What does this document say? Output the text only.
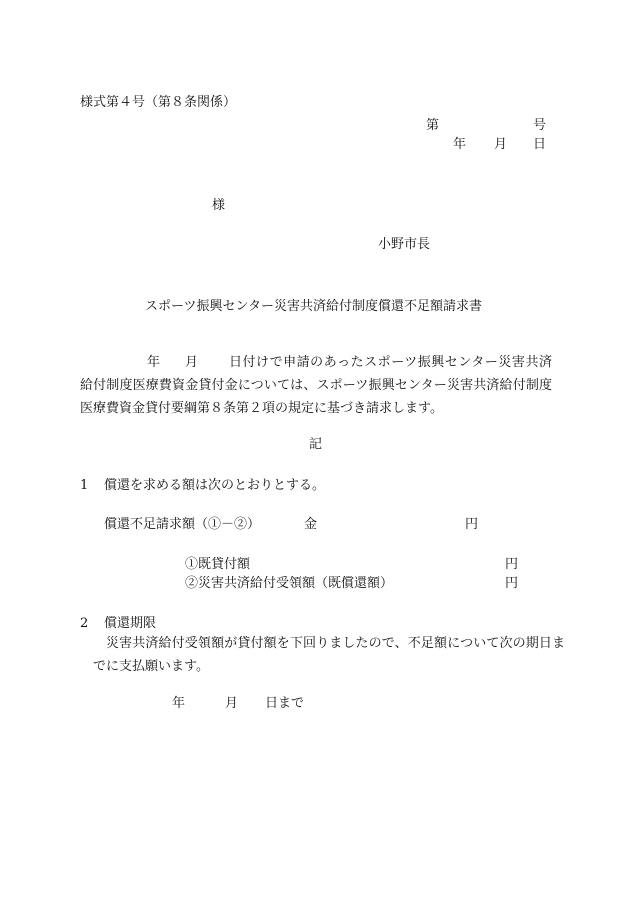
様式第４号（第８条関係）
第	号
年 月 日
様
小野市長
スポーツ振興センター災害共済給付制度償還不足額請求書
年 月	日付けで申請のあったスポーツ振興センター災害共済給付制度医療費資金貸付金については、スポーツ振興センター災害共済給付制度医療費資金貸付要綱第８条第２項の規定に基づき請求します。
記
1 償還を求める額は次のとおりとする。
償還不足請求額（①－②）	金	円
①既貸付額	円
②災害共済給付受領額（既償還額）	円
2 償還期限
災害共済給付受領額が貸付額を下回りましたので、不足額について次の期日までに支払願います。
年	月 日まで
